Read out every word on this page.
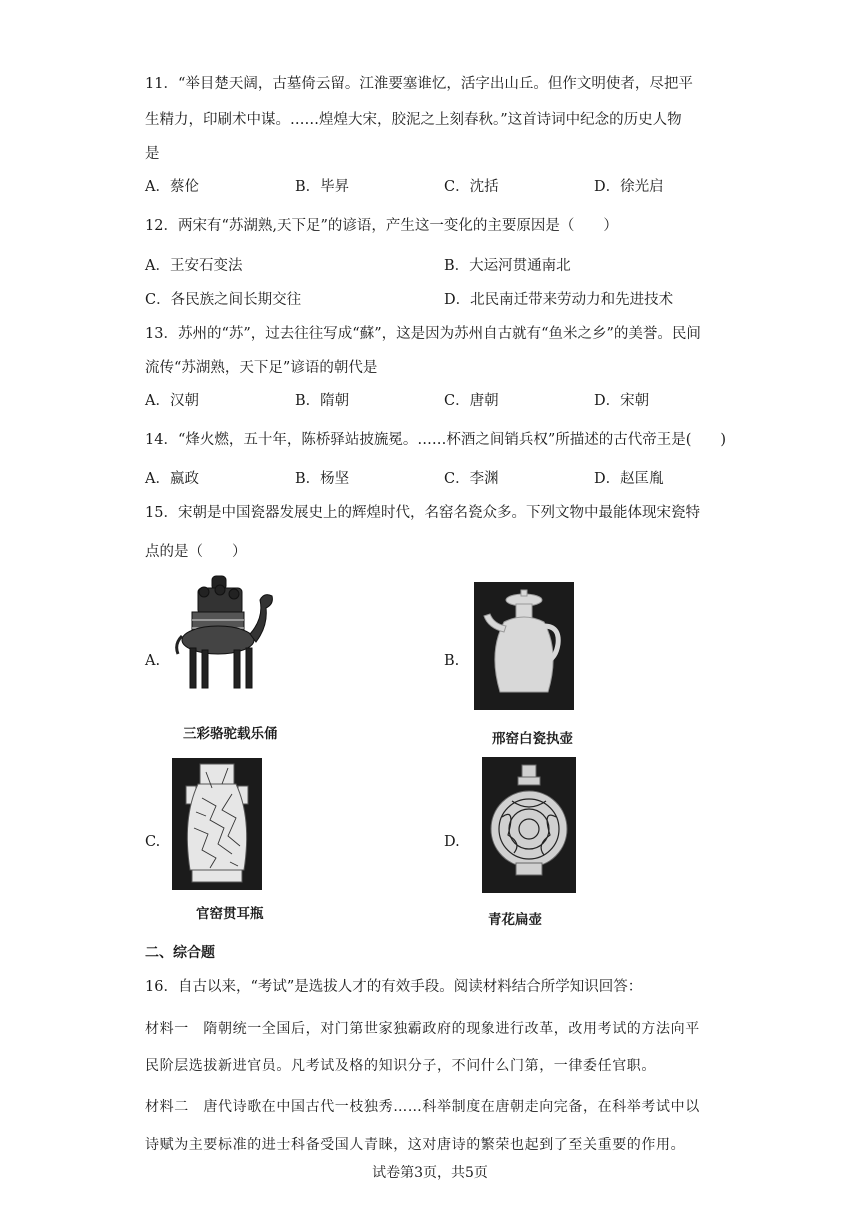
11．“举目楚天阔，古墓倚云留。江淮要塞谁忆，活字出山丘。但作文明使者，尽把平
生精力，印刷术中谋。……煌煌大宋，胶泥之上刻春秋。”这首诗词中纪念的历史人物
是
A．蔡伦	B．毕昇	C．沈括	D．徐光启
12．两宋有“苏湖熟,天下足”的谚语，产生这一变化的主要原因是（　　）
A．王安石变法	B．大运河贯通南北
C．各民族之间长期交往	D．北民南迁带来劳动力和先进技术
13．苏州的“苏”，过去往往写成“蘇”，这是因为苏州自古就有“鱼米之乡”的美誉。民间
流传“苏湖熟，天下足”谚语的朝代是
A．汉朝	B．隋朝	C．唐朝	D．宋朝
14．“烽火燃，五十年，陈桥驿站披旒冕。……杯酒之间销兵权”所描述的古代帝王是(　　)
A．嬴政	B．杨坚	C．李渊	D．赵匡胤
15．宋朝是中国瓷器发展史上的辉煌时代，名窑名瓷众多。下列文物中最能体现宋瓷特
点的是（　　）
A.
三彩骆驼载乐俑
B.
邢窑白瓷执壶
C.
官窑贯耳瓶
D.
青花扁壶
二、综合题
16．自古以来，“考试”是选拔人才的有效手段。阅读材料结合所学知识回答：
材料一　隋朝统一全国后，对门第世家独霸政府的现象进行改革，改用考试的方法向平
民阶层选拔新进官员。凡考试及格的知识分子，不问什么门第，一律委任官职。
材料二　唐代诗歌在中国古代一枝独秀……科举制度在唐朝走向完备，在科举考试中以
诗赋为主要标准的进士科备受国人青睐，这对唐诗的繁荣也起到了至关重要的作用。
试卷第3页，共5页
